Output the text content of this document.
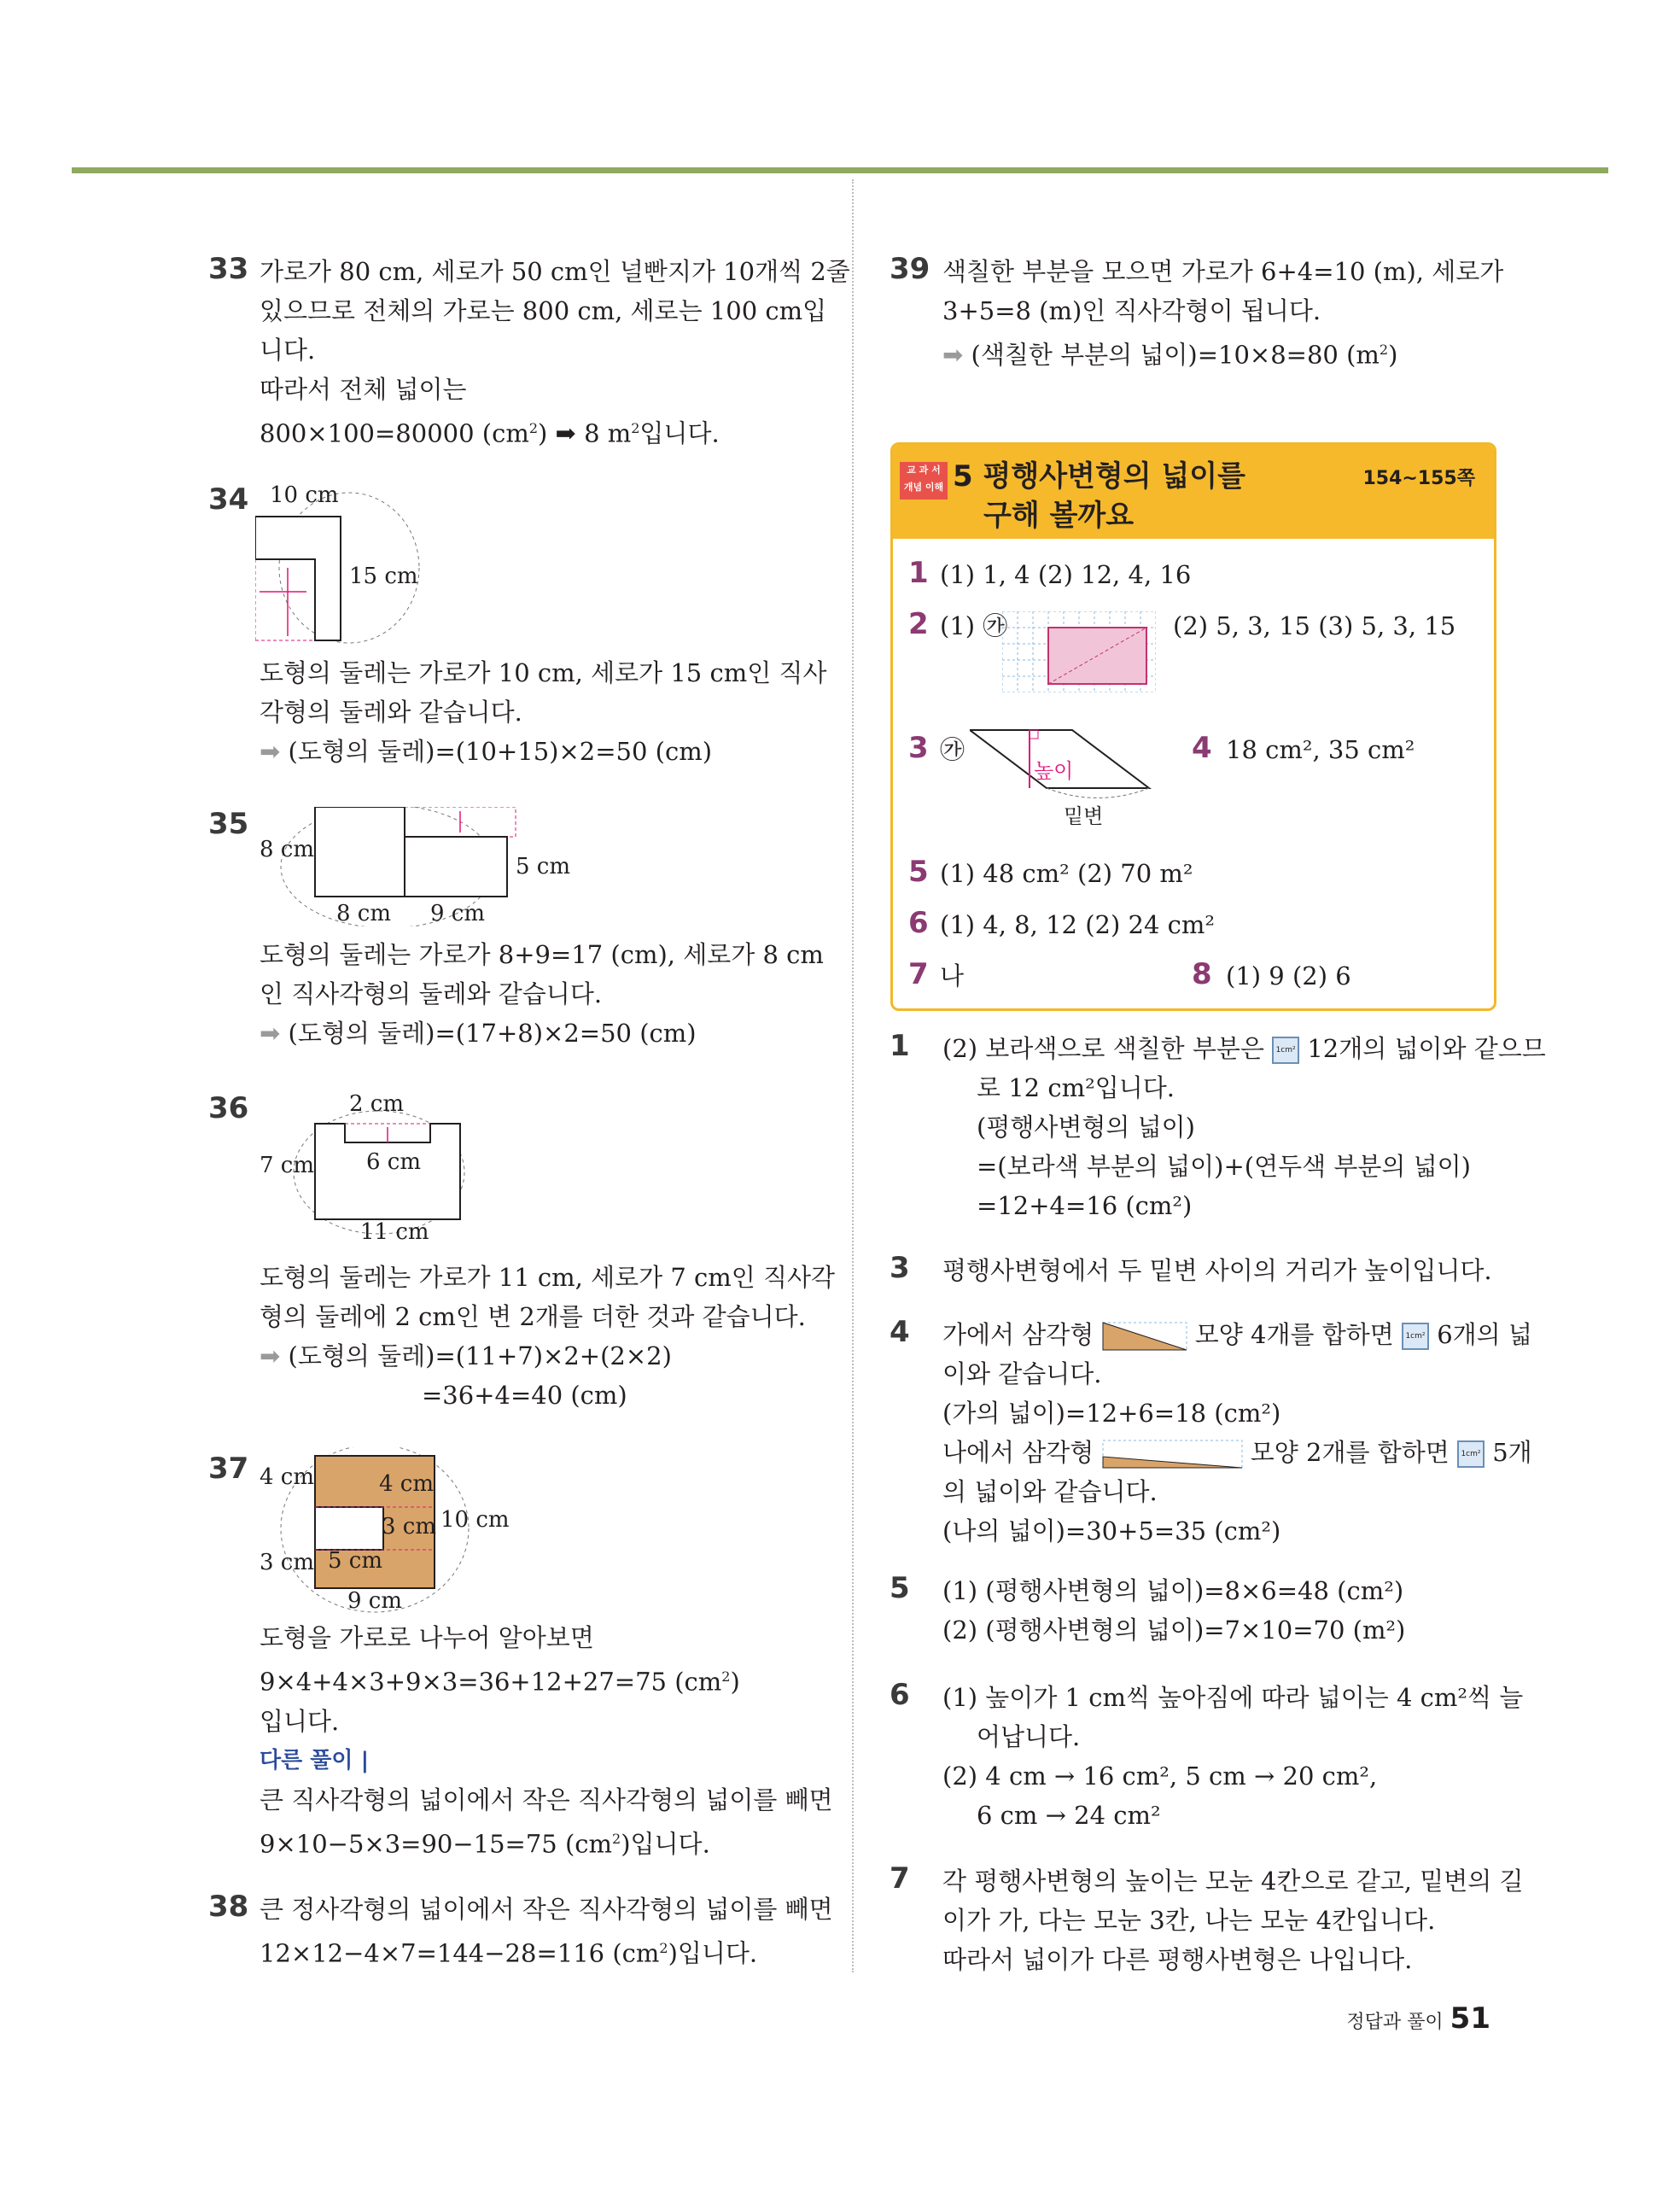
33 가로가 80 cm, 세로가 50 cm인 널빤지가 10개씩 2줄
있으므로 전체의 가로는 800 cm, 세로는 100 cm입
니다.
따라서 전체 넓이는
800×100=80000 $(cm^2)$ ➡ 8 $m^2$입니다.
34 10 cm
15 cm
도형의 둘레는 가로가 10 cm, 세로가 15 cm인 직사
각형의 둘레와 같습니다.
➡ (도형의 둘레)=(10+15)×2=50 (cm)
35
8 cm
5 cm
8 cm 9 cm
도형의 둘레는 가로가 8+9=17 (cm), 세로가 8 cm
인 직사각형의 둘레와 같습니다.
➡ (도형의 둘레)=(17+8)×2=50 (cm)
36	2 cm
7 cm 6 cm
11 cm
도형의 둘레는 가로가 11 cm, 세로가 7 cm인 직사각
형의 둘레에 2 cm인 변 2개를 더한 것과 같습니다.
➡ (도형의 둘레)=(11+7)×2+(2×2)
=36+4=40 (cm)
37 4 cm
3 cm
4 cm
3 cm
5 cm
10 cm
9 cm
도형을 가로로 나누어 알아보면
9×4+4×3+9×3=36+12+27=75 $(cm^2)$
입니다.
다른 풀이 |
큰 직사각형의 넓이에서 작은 직사각형의 넓이를 빼면
9×10−5×3=90−15=75 $(cm^2)$입니다.
38 큰 정사각형의 넓이에서 작은 직사각형의 넓이를 빼면
12×12−4×7=144−28=116 $(cm^2)$입니다.
39 색칠한 부분을 모으면 가로가 6+4=10 (m), 세로가
3+5=8 (m)인 직사각형이 됩니다.
➡ (색칠한 부분의 넓이)=10×8=80 $(m^2)$
교 과 서
개념 이해 5 평행사변형의 넓이를
구해 볼까요
154~155쪽
1 (1) 1, 4 (2) 12, 4, 16
2 (1) ㉮	(2) 5, 3, 15 (3) 5, 3, 15
3 ㉮
높이
밑변
4 18 cm², 35 cm²
5 (1) 48 cm² (2) 70 m²
6 (1) 4, 8, 12 (2) 24 cm²
7 나	8 (1) 9 (2) 6
1 (2) 보라색으로 색칠한 부분은 1cm² 12개의 넓이와 같으므
로 12 cm²입니다.
(평행사변형의 넓이)
=(보라색 부분의 넓이)+(연두색 부분의 넓이)
=12+4=16 (cm²)
3 평행사변형에서 두 밑변 사이의 거리가 높이입니다.
4 가에서 삼각형	모양 4개를 합하면 1cm² 6개의 넓
이와 같습니다.
(가의 넓이)=12+6=18 (cm²)
나에서 삼각형	모양 2개를 합하면 1cm² 5개
의 넓이와 같습니다.
(나의 넓이)=30+5=35 (cm²)
5 (1) (평행사변형의 넓이)=8×6=48 (cm²)
(2) (평행사변형의 넓이)=7×10=70 (m²)
6 (1) 높이가 1 cm씩 높아짐에 따라 넓이는 4 cm²씩 늘
어납니다.
(2) 4 cm → 16 cm², 5 cm → 20 cm²,
6 cm → 24 cm²
7 각 평행사변형의 높이는 모눈 4칸으로 같고, 밑변의 길
이가 가, 다는 모눈 3칸, 나는 모눈 4칸입니다.
따라서 넓이가 다른 평행사변형은 나입니다.
정답과 풀이 51
